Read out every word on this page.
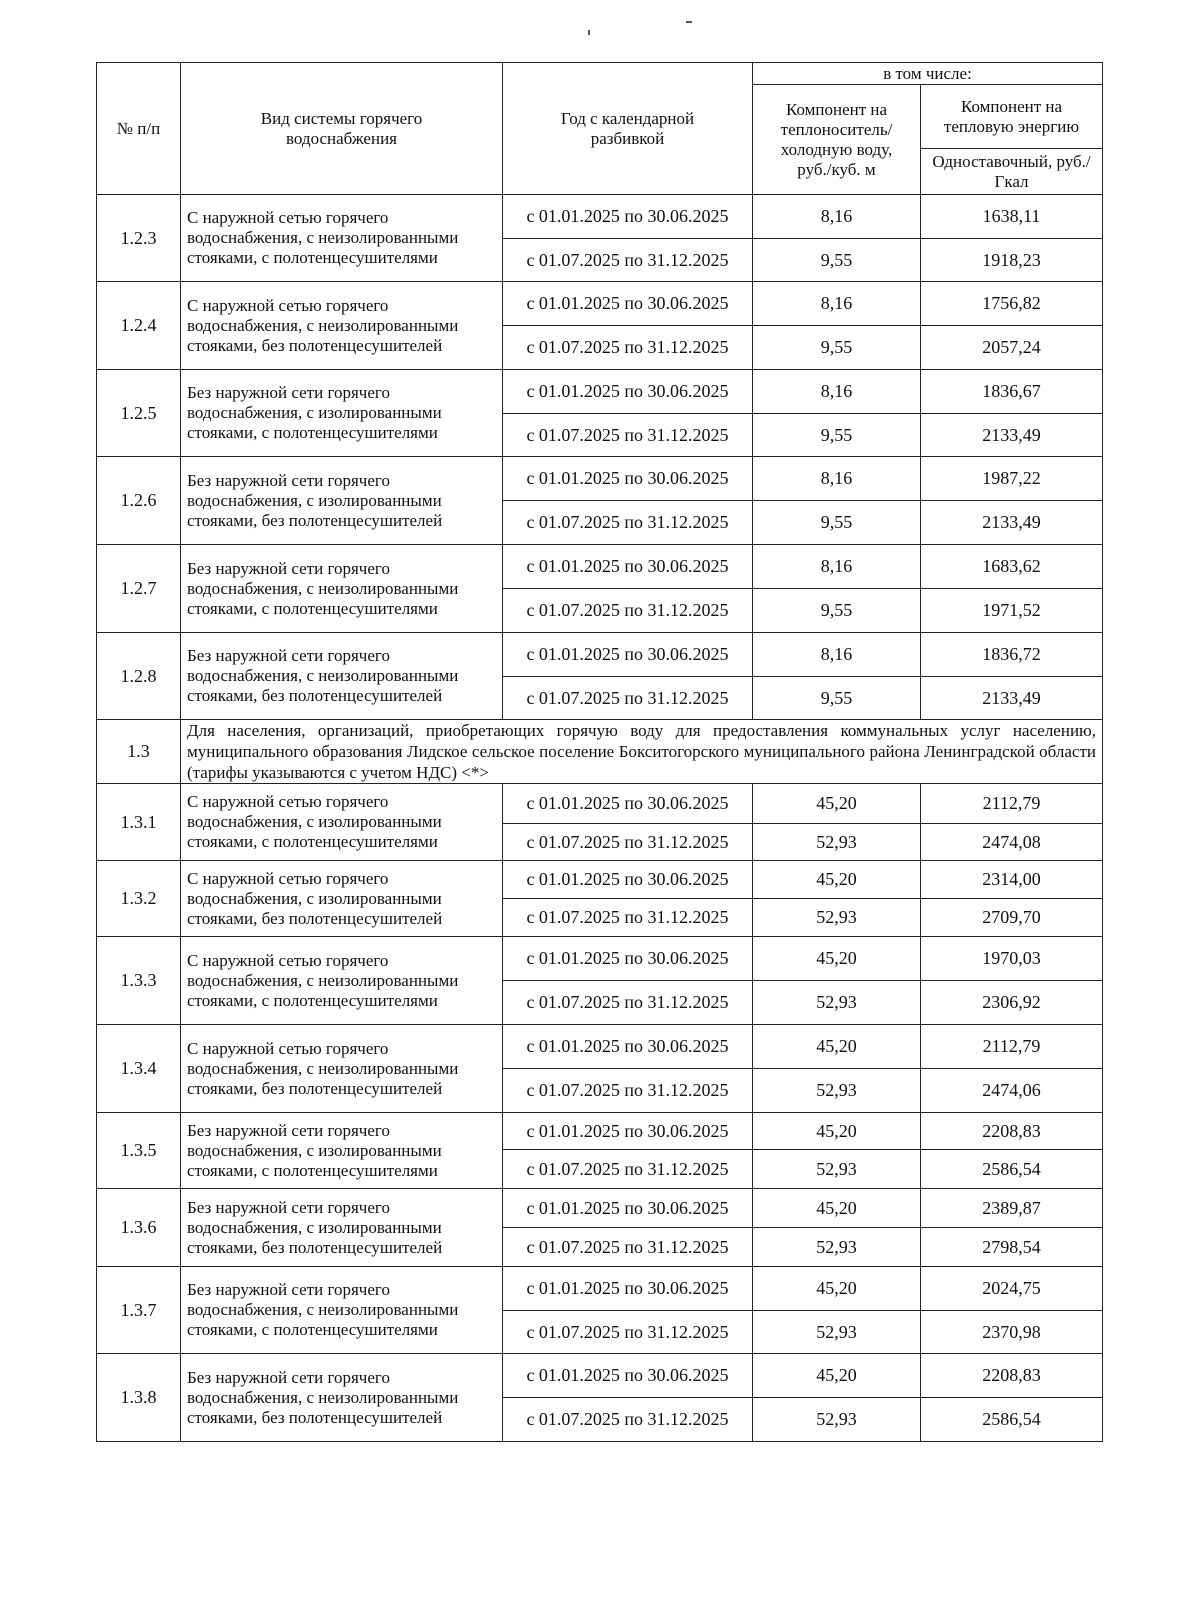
№ п/п	Вид системы горячего водоснабжения	Год с календарной разбивкой	в том числе:	
			Компонент на теплоноситель/ холодную воду, руб./куб. м	Компонент на тепловую энергию
				Одноставочный, руб./Гкал
1.2.3	С наружной сетью горячего водоснабжения, с неизолированными стояками, с полотенцесушителями	с 01.01.2025 по 30.06.2025	8,16	1638,11
		с 01.07.2025 по 31.12.2025	9,55	1918,23
1.2.4	С наружной сетью горячего водоснабжения, с неизолированными стояками, без полотенцесушителей	с 01.01.2025 по 30.06.2025	8,16	1756,82
		с 01.07.2025 по 31.12.2025	9,55	2057,24
1.2.5	Без наружной сети горячего водоснабжения, с изолированными стояками, с полотенцесушителями	с 01.01.2025 по 30.06.2025	8,16	1836,67
		с 01.07.2025 по 31.12.2025	9,55	2133,49
1.2.6	Без наружной сети горячего водоснабжения, с изолированными стояками, без полотенцесушителей	с 01.01.2025 по 30.06.2025	8,16	1987,22
		с 01.07.2025 по 31.12.2025	9,55	2133,49
1.2.7	Без наружной сети горячего водоснабжения, с неизолированными стояками, с полотенцесушителями	с 01.01.2025 по 30.06.2025	8,16	1683,62
		с 01.07.2025 по 31.12.2025	9,55	1971,52
1.2.8	Без наружной сети горячего водоснабжения, с неизолированными стояками, без полотенцесушителей	с 01.01.2025 по 30.06.2025	8,16	1836,72
		с 01.07.2025 по 31.12.2025	9,55	2133,49
1.3	Для населения, организаций, приобретающих горячую воду для предоставления коммунальных услуг населению, муниципального образования Лидское сельское поселение Бокситогорского муниципального района Ленинградской области (тарифы указываются с учетом НДС) <*>			
1.3.1	С наружной сетью горячего водоснабжения, с изолированными стояками, с полотенцесушителями	с 01.01.2025 по 30.06.2025	45,20	2112,79
		с 01.07.2025 по 31.12.2025	52,93	2474,08
1.3.2	С наружной сетью горячего водоснабжения, с изолированными стояками, без полотенцесушителей	с 01.01.2025 по 30.06.2025	45,20	2314,00
		с 01.07.2025 по 31.12.2025	52,93	2709,70
1.3.3	С наружной сетью горячего водоснабжения, с неизолированными стояками, с полотенцесушителями	с 01.01.2025 по 30.06.2025	45,20	1970,03
		с 01.07.2025 по 31.12.2025	52,93	2306,92
1.3.4	С наружной сетью горячего водоснабжения, с неизолированными стояками, без полотенцесушителей	с 01.01.2025 по 30.06.2025	45,20	2112,79
		с 01.07.2025 по 31.12.2025	52,93	2474,06
1.3.5	Без наружной сети горячего водоснабжения, с изолированными стояками, с полотенцесушителями	с 01.01.2025 по 30.06.2025	45,20	2208,83
		с 01.07.2025 по 31.12.2025	52,93	2586,54
1.3.6	Без наружной сети горячего водоснабжения, с изолированными стояками, без полотенцесушителей	с 01.01.2025 по 30.06.2025	45,20	2389,87
		с 01.07.2025 по 31.12.2025	52,93	2798,54
1.3.7	Без наружной сети горячего водоснабжения, с неизолированными стояками, с полотенцесушителями	с 01.01.2025 по 30.06.2025	45,20	2024,75
		с 01.07.2025 по 31.12.2025	52,93	2370,98
1.3.8	Без наружной сети горячего водоснабжения, с неизолированными стояками, без полотенцесушителей	с 01.01.2025 по 30.06.2025	45,20	2208,83
		с 01.07.2025 по 31.12.2025	52,93	2586,54
